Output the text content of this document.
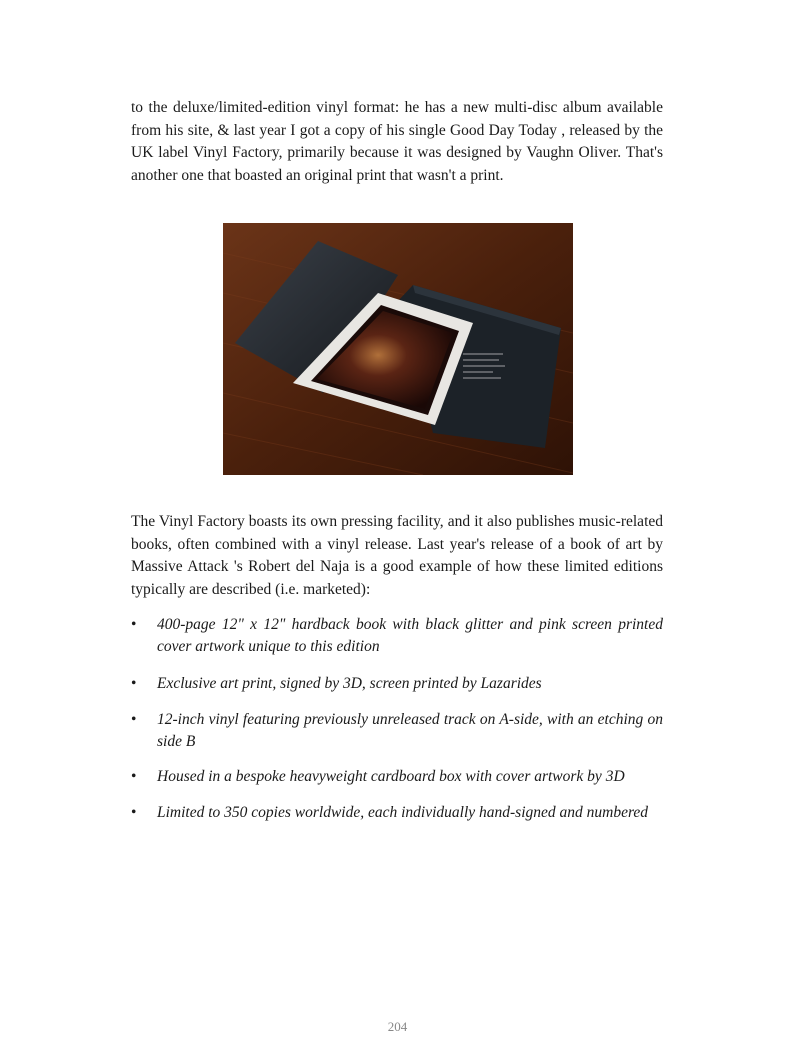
to the deluxe/limited-edition vinyl format: he has a new multi-disc album available from his site, & last year I got a copy of his single Good Day Today , released by the UK label Vinyl Factory, primarily because it was designed by Vaughn Oliver. That's another one that boasted an original print that wasn't a print.

The Vinyl Factory boasts its own pressing facility, and it also publishes music-related books, often combined with a vinyl release. Last year's release of a book of art by Massive Attack 's Robert del Naja is a good example of how these limited editions typically are described (i.e. marketed):

• 400-page 12" x 12" hardback book with black glitter and pink screen printed cover artwork unique to this edition
• Exclusive art print, signed by 3D, screen printed by Lazarides
• 12-inch vinyl featuring previously unreleased track on A-side, with an etching on side B
• Housed in a bespoke heavyweight cardboard box with cover artwork by 3D
• Limited to 350 copies worldwide, each individually hand-signed and numbered
204
